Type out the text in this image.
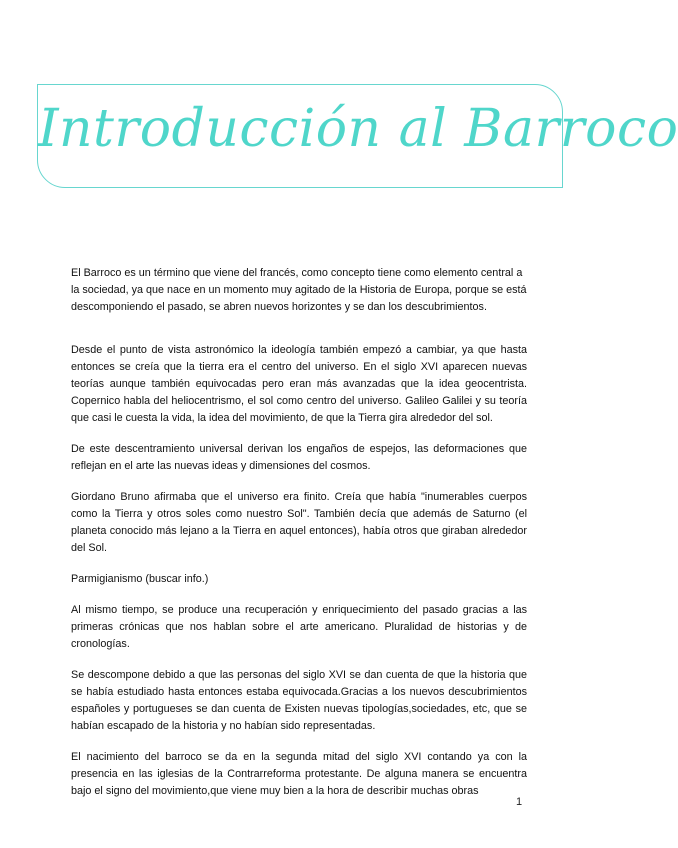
Introducción al Barroco

El Barroco es un término que viene del francés, como concepto tiene como elemento central a la sociedad, ya que nace en un momento muy agitado de la Historia de Europa, porque se está descomponiendo el pasado, se abren nuevos horizontes y se dan los descubrimientos.

Desde el punto de vista astronómico la ideología también empezó a cambiar, ya que hasta entonces se creía que la tierra era el centro del universo. En el siglo XVI aparecen nuevas teorías aunque también equivocadas pero eran más avanzadas que la idea geocentrista. Copernico habla del heliocentrismo, el sol como centro del universo. Galileo Galilei y su teoría que casi le cuesta la vida, la idea del movimiento, de que la Tierra gira alrededor del sol.

De este descentramiento universal derivan los engaños de espejos, las deformaciones que reflejan en el arte las nuevas ideas y dimensiones del cosmos.

Giordano Bruno afirmaba que el universo era finito. Creía que había "inumerables cuerpos como la Tierra y otros soles como nuestro Sol". También decía que además de Saturno (el planeta conocido más lejano a la Tierra en aquel entonces), había otros que giraban alrededor del Sol.

Parmigianismo (buscar info.)

Al mismo tiempo, se produce una recuperación y enriquecimiento del pasado gracias a las primeras crónicas que nos hablan sobre el arte americano. Pluralidad de historias y de cronologías.

Se descompone debido a que las personas del siglo XVI se dan cuenta de que la historia que se había estudiado hasta entonces estaba equivocada.Gracias a los nuevos descubrimientos españoles y portugueses se dan cuenta de Existen nuevas tipologías,sociedades, etc, que se habían escapado de la historia y no habían sido representadas.

El nacimiento del barroco se da en la segunda mitad del siglo XVI contando ya con la presencia en las iglesias de la Contrarreforma protestante. De alguna manera se encuentra bajo el signo del movimiento,que viene muy bien a la hora de describir muchas obras

1
